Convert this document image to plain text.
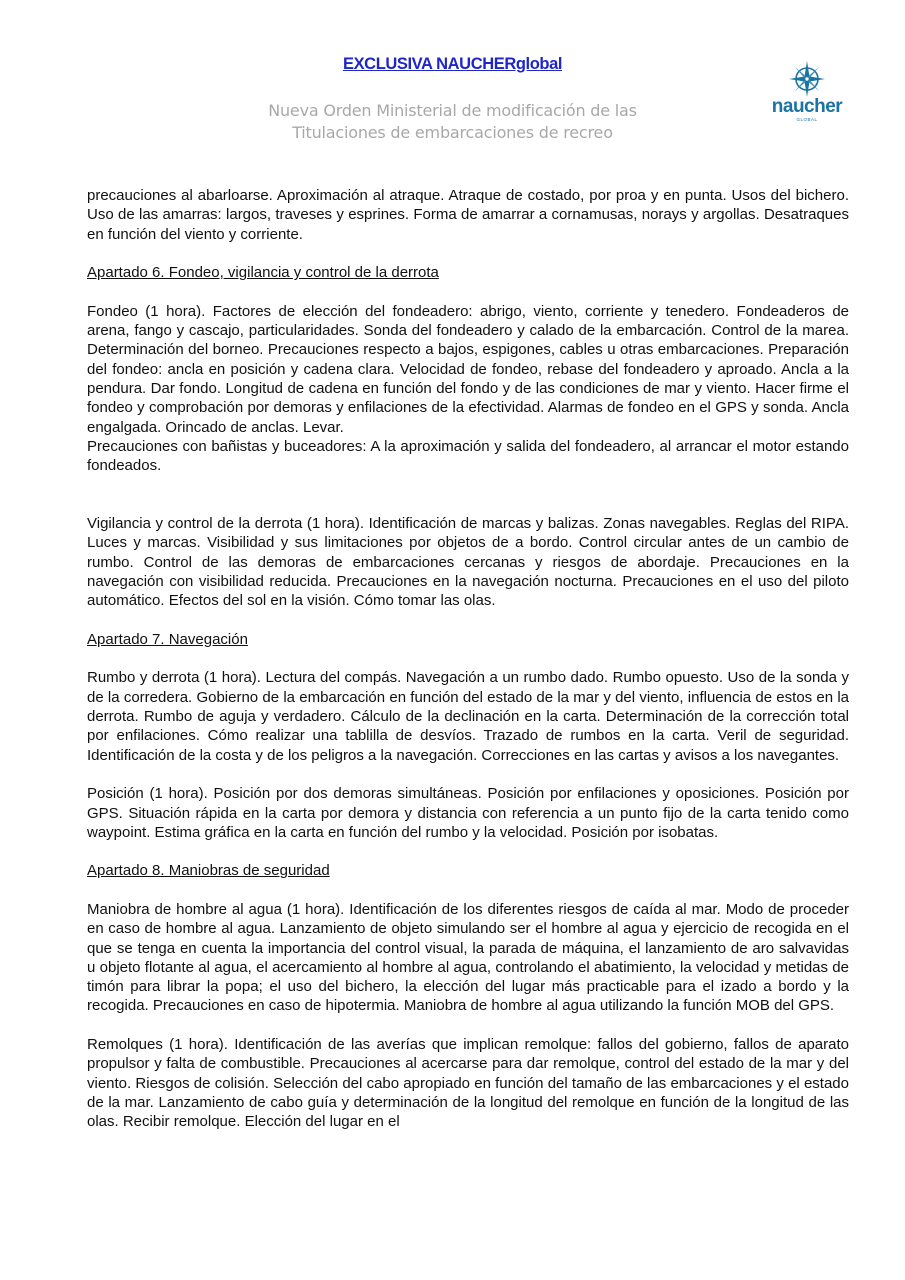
EXCLUSIVA NAUCHERglobal
Nueva Orden Ministerial de modificación de las
Titulaciones de embarcaciones de recreo
naucher
GLOBAL

precauciones al abarloarse. Aproximación al atraque. Atraque de costado, por proa y en punta. Usos del bichero. Uso de las amarras: largos, traveses y esprines. Forma de amarrar a cornamusas, norays y argollas. Desatraques en función del viento y corriente.

Apartado 6. Fondeo, vigilancia y control de la derrota

Fondeo (1 hora). Factores de elección del fondeadero: abrigo, viento, corriente y tenedero. Fondeaderos de arena, fango y cascajo, particularidades. Sonda del fondeadero y calado de la embarcación. Control de la marea. Determinación del borneo. Precauciones respecto a bajos, espigones, cables u otras embarcaciones. Preparación del fondeo: ancla en posición y cadena clara. Velocidad de fondeo, rebase del fondeadero y aproado. Ancla a la pendura. Dar fondo. Longitud de cadena en función del fondo y de las condiciones de mar y viento. Hacer firme el fondeo y comprobación por demoras y enfilaciones de la efectividad. Alarmas de fondeo en el GPS y sonda. Ancla engalgada. Orincado de anclas. Levar.

Precauciones con bañistas y buceadores: A la aproximación y salida del fondeadero, al arrancar el motor estando fondeados.

Vigilancia y control de la derrota (1 hora). Identificación de marcas y balizas. Zonas navegables. Reglas del RIPA. Luces y marcas. Visibilidad y sus limitaciones por objetos de a bordo. Control circular antes de un cambio de rumbo. Control de las demoras de embarcaciones cercanas y riesgos de abordaje. Precauciones en la navegación con visibilidad reducida. Precauciones en la navegación nocturna. Precauciones en el uso del piloto automático. Efectos del sol en la visión. Cómo tomar las olas.

Apartado 7. Navegación

Rumbo y derrota (1 hora). Lectura del compás. Navegación a un rumbo dado. Rumbo opuesto. Uso de la sonda y de la corredera. Gobierno de la embarcación en función del estado de la mar y del viento, influencia de estos en la derrota. Rumbo de aguja y verdadero. Cálculo de la declinación en la carta. Determinación de la corrección total por enfilaciones. Cómo realizar una tablilla de desvíos. Trazado de rumbos en la carta. Veril de seguridad. Identificación de la costa y de los peligros a la navegación. Correcciones en las cartas y avisos a los navegantes.

Posición (1 hora). Posición por dos demoras simultáneas. Posición por enfilaciones y oposiciones. Posición por GPS. Situación rápida en la carta por demora y distancia con referencia a un punto fijo de la carta tenido como waypoint. Estima gráfica en la carta en función del rumbo y la velocidad. Posición por isobatas.

Apartado 8. Maniobras de seguridad

Maniobra de hombre al agua (1 hora). Identificación de los diferentes riesgos de caída al mar. Modo de proceder en caso de hombre al agua. Lanzamiento de objeto simulando ser el hombre al agua y ejercicio de recogida en el que se tenga en cuenta la importancia del control visual, la parada de máquina, el lanzamiento de aro salvavidas u objeto flotante al agua, el acercamiento al hombre al agua, controlando el abatimiento, la velocidad y metidas de timón para librar la popa; el uso del bichero, la elección del lugar más practicable para el izado a bordo y la recogida. Precauciones en caso de hipotermia. Maniobra de hombre al agua utilizando la función MOB del GPS.

Remolques (1 hora). Identificación de las averías que implican remolque: fallos del gobierno, fallos de aparato propulsor y falta de combustible. Precauciones al acercarse para dar remolque, control del estado de la mar y del viento. Riesgos de colisión. Selección del cabo apropiado en función del tamaño de las embarcaciones y el estado de la mar. Lanzamiento de cabo guía y determinación de la longitud del remolque en función de la longitud de las olas. Recibir remolque. Elección del lugar en el
